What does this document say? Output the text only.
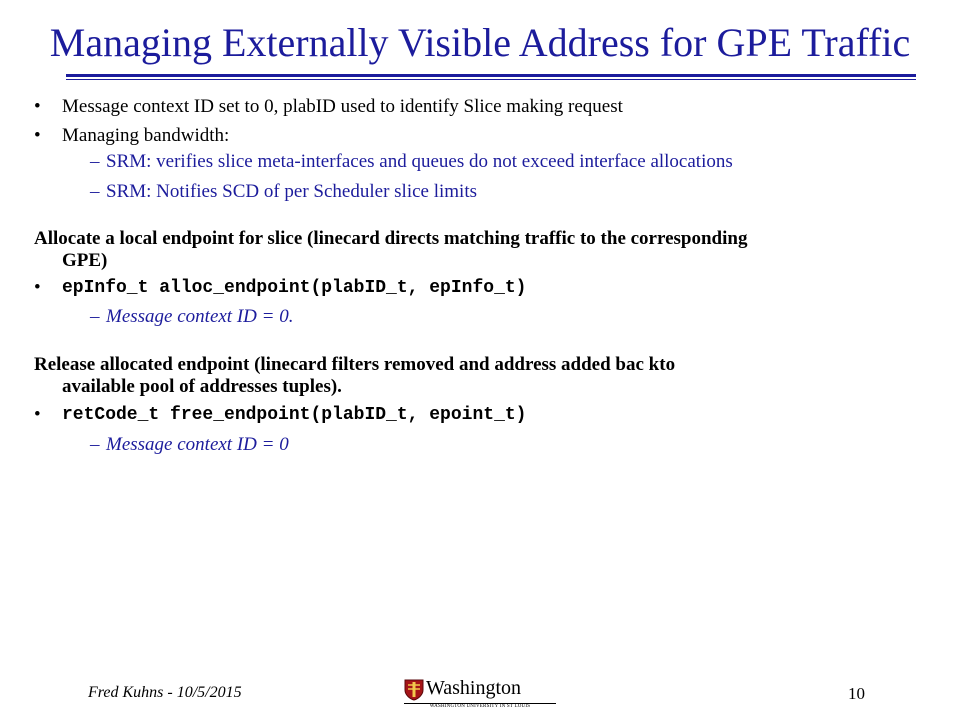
Managing Externally Visible Address for GPE Traffic
• Message context ID set to 0, plabID used to identify Slice making request
• Managing bandwidth:
– SRM: verifies slice meta-interfaces and queues do not exceed interface allocations
– SRM: Notifies SCD of per Scheduler slice limits
Allocate a local endpoint for slice (linecard directs matching traffic to the corresponding
GPE)
• epInfo_t alloc_endpoint(plabID_t, epInfo_t)
– Message context ID = 0.
Release allocated endpoint (linecard filters removed and address added bac kto
available pool of addresses tuples).
• retCode_t free_endpoint(plabID_t, epoint_t)
– Message context ID = 0
Fred Kuhns - 10/5/2015	Washington
WASHINGTON UNIVERSITY IN ST LOUIS
10
